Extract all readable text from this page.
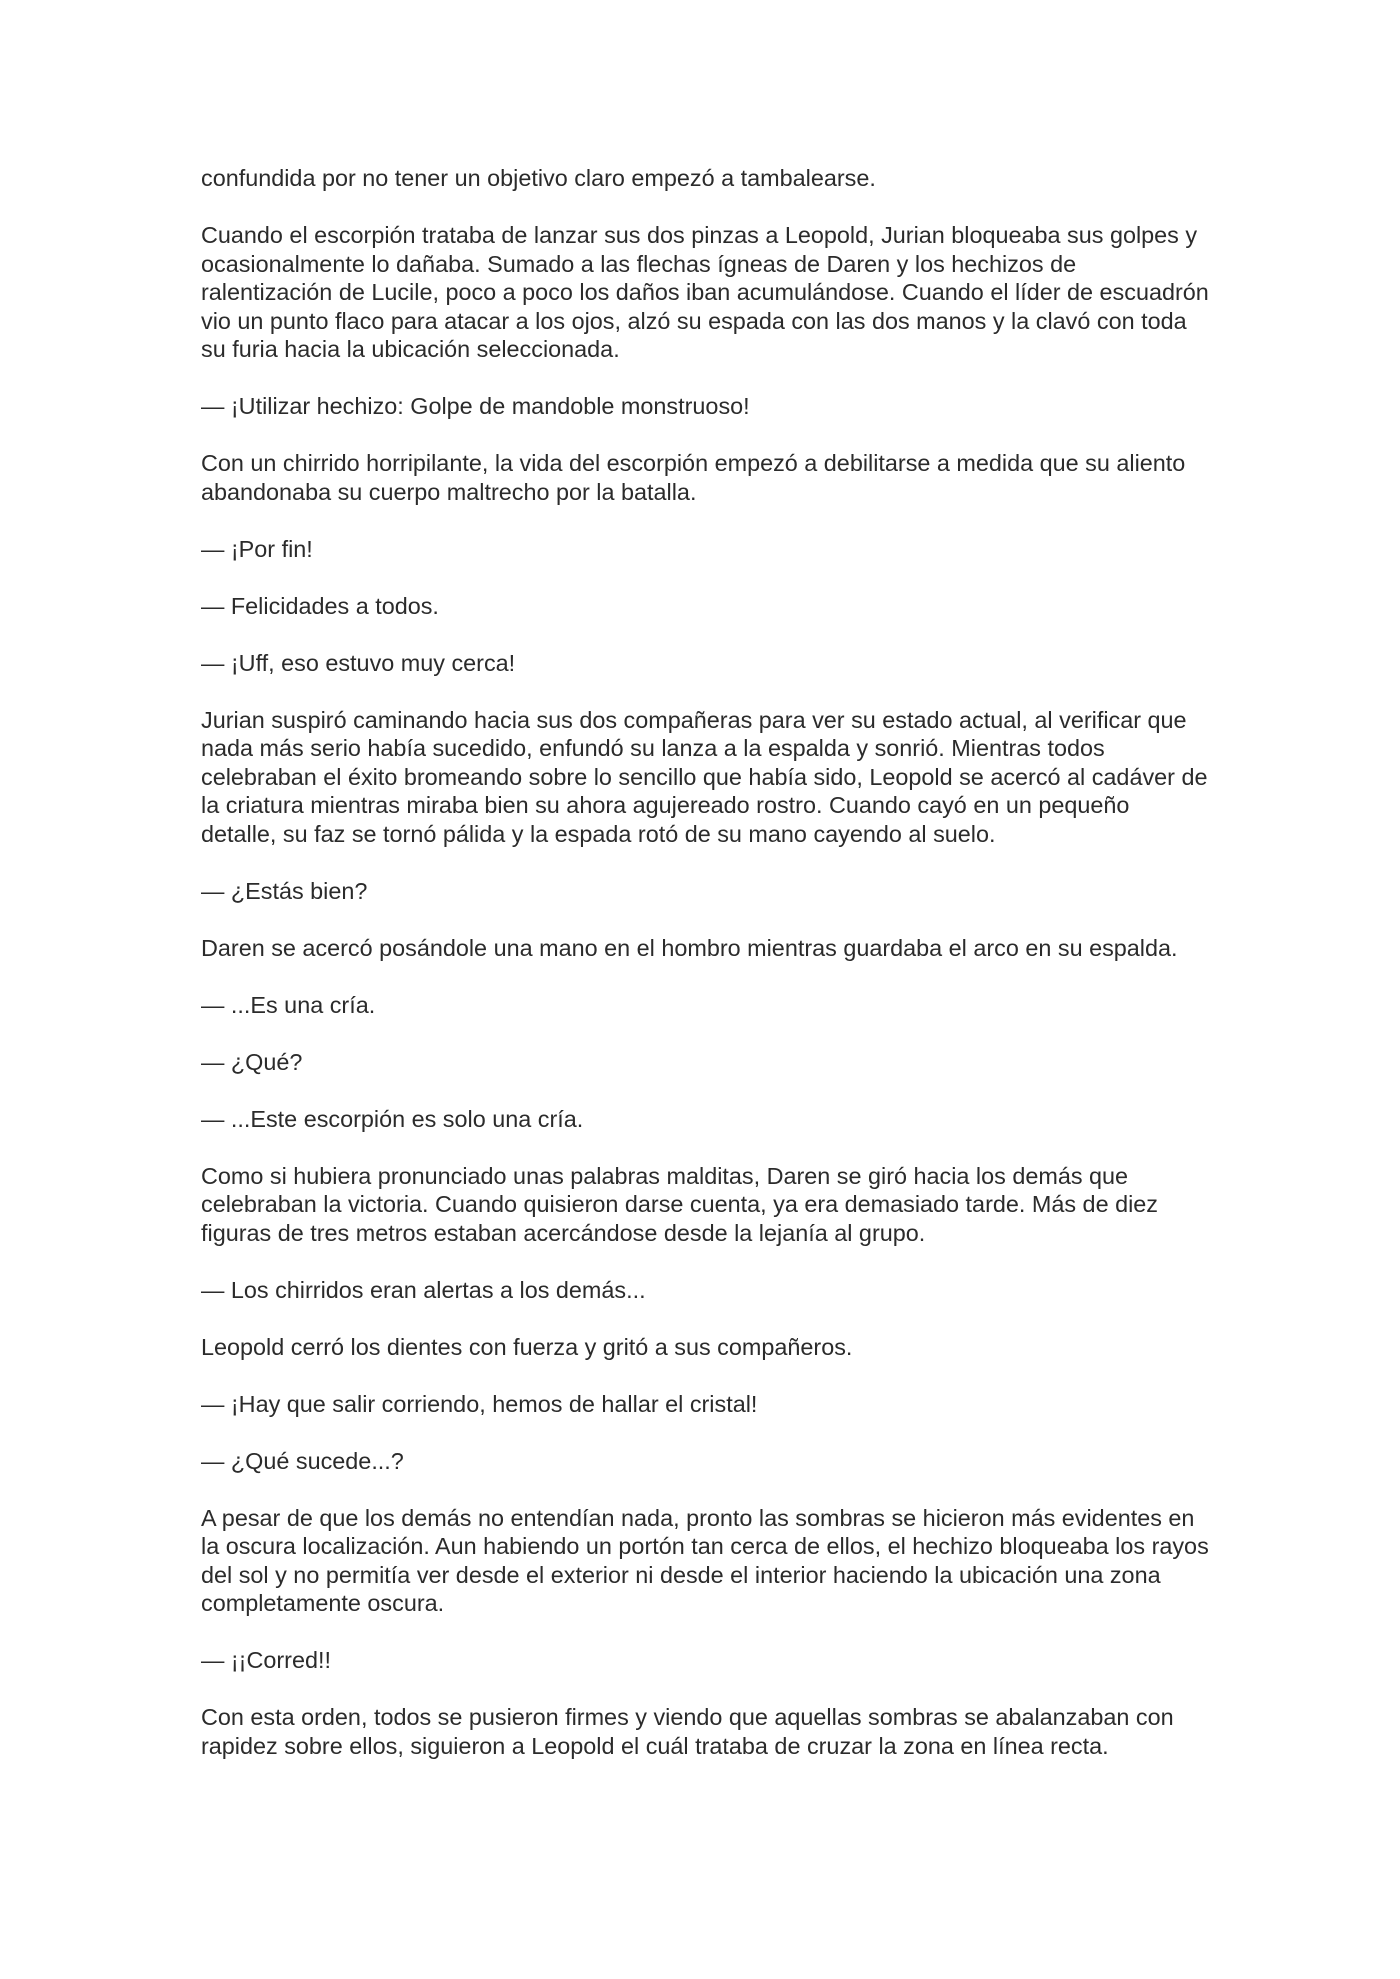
confundida por no tener un objetivo claro empezó a tambalearse.

Cuando el escorpión trataba de lanzar sus dos pinzas a Leopold, Jurian bloqueaba sus golpes y ocasionalmente lo dañaba. Sumado a las flechas ígneas de Daren y los hechizos de ralentización de Lucile, poco a poco los daños iban acumulándose. Cuando el líder de escuadrón vio un punto flaco para atacar a los ojos, alzó su espada con las dos manos y la clavó con toda su furia hacia la ubicación seleccionada.

— ¡Utilizar hechizo: Golpe de mandoble monstruoso!

Con un chirrido horripilante, la vida del escorpión empezó a debilitarse a medida que su aliento abandonaba su cuerpo maltrecho por la batalla.

— ¡Por fin!

— Felicidades a todos.

— ¡Uff, eso estuvo muy cerca!

Jurian suspiró caminando hacia sus dos compañeras para ver su estado actual, al verificar que nada más serio había sucedido, enfundó su lanza a la espalda y sonrió. Mientras todos celebraban el éxito bromeando sobre lo sencillo que había sido, Leopold se acercó al cadáver de la criatura mientras miraba bien su ahora agujereado rostro. Cuando cayó en un pequeño detalle, su faz se tornó pálida y la espada rotó de su mano cayendo al suelo.

— ¿Estás bien?

Daren se acercó posándole una mano en el hombro mientras guardaba el arco en su espalda.

— ...Es una cría.

— ¿Qué?

— ...Este escorpión es solo una cría.

Como si hubiera pronunciado unas palabras malditas, Daren se giró hacia los demás que celebraban la victoria. Cuando quisieron darse cuenta, ya era demasiado tarde. Más de diez figuras de tres metros estaban acercándose desde la lejanía al grupo.

— Los chirridos eran alertas a los demás...

Leopold cerró los dientes con fuerza y gritó a sus compañeros.

— ¡Hay que salir corriendo, hemos de hallar el cristal!

— ¿Qué sucede...?

A pesar de que los demás no entendían nada, pronto las sombras se hicieron más evidentes en la oscura localización. Aun habiendo un portón tan cerca de ellos, el hechizo bloqueaba los rayos del sol y no permitía ver desde el exterior ni desde el interior haciendo la ubicación una zona completamente oscura.

— ¡¡Corred!!

Con esta orden, todos se pusieron firmes y viendo que aquellas sombras se abalanzaban con rapidez sobre ellos, siguieron a Leopold el cuál trataba de cruzar la zona en línea recta.
